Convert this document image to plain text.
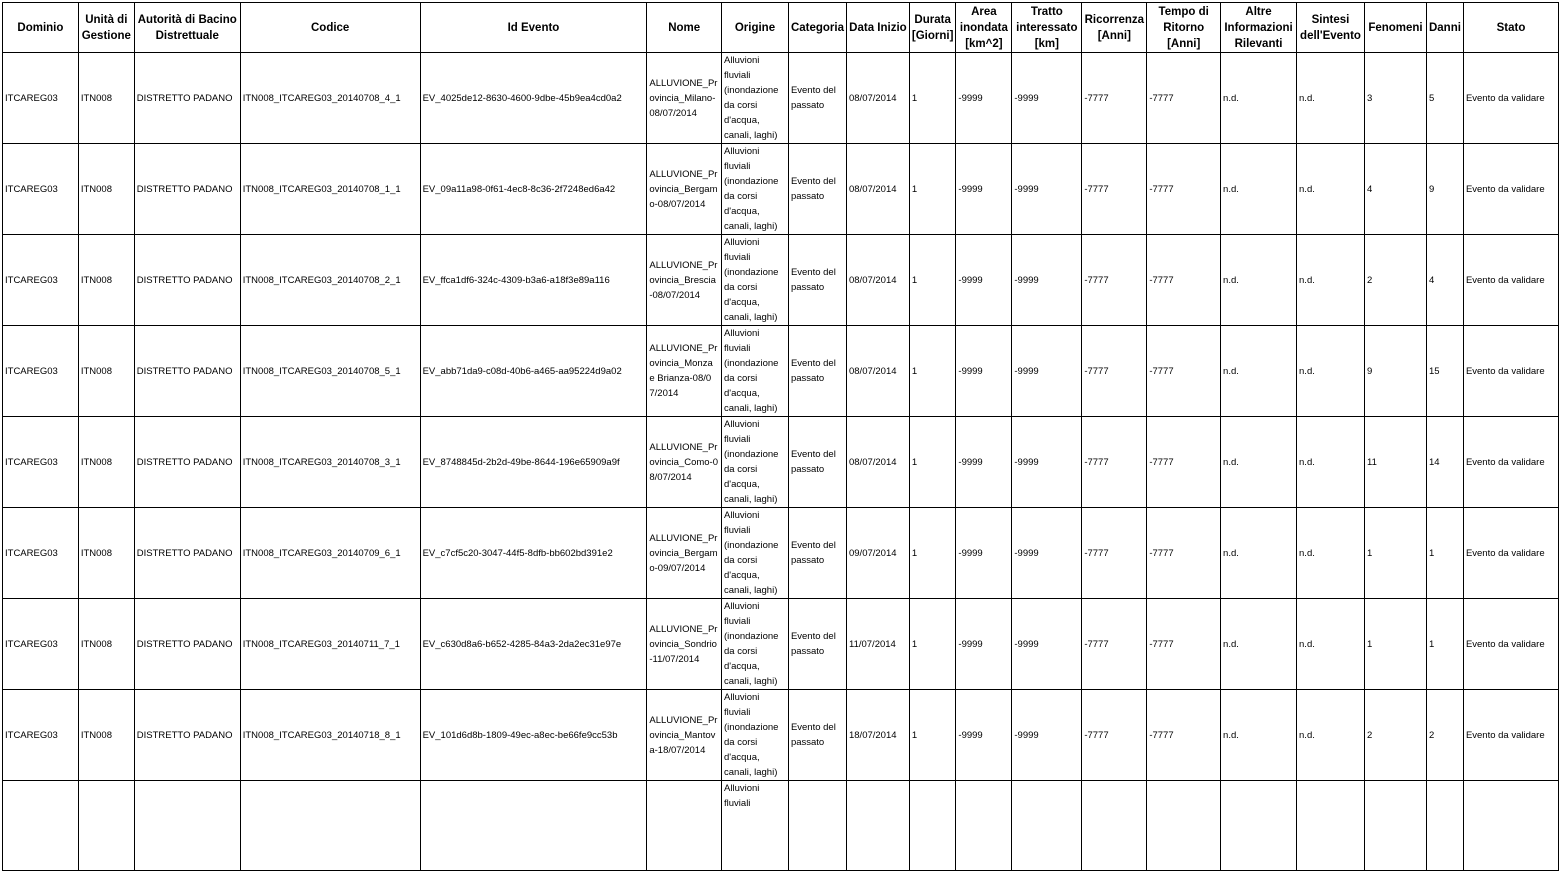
Dominio	Unità di Gestione	Autorità di Bacino Distrettuale	Codice	Id Evento	Nome	Origine	Categoria	Data Inizio	Durata [Giorni]	Area inondata [km^2]	Tratto interessato [km]	Ricorrenza [Anni]	Tempo di Ritorno [Anni]	Altre Informazioni Rilevanti	Sintesi dell'Evento	Fenomeni	Danni	Stato
ITCAREG03	ITN008	DISTRETTO PADANO	ITN008_ITCAREG03_20140708_4_1	EV_4025de12-8630-4600-9dbe-45b9ea4cd0a2	ALLUVIONE_Provincia_Milano-08/07/2014	Alluvioni fluviali (inondazione da corsi d'acqua, canali, laghi)	Evento del passato	08/07/2014	1	-9999	-9999	-7777	-7777	n.d.	n.d.	3	5	Evento da validare
ITCAREG03	ITN008	DISTRETTO PADANO	ITN008_ITCAREG03_20140708_1_1	EV_09a11a98-0f61-4ec8-8c36-2f7248ed6a42	ALLUVIONE_Provincia_Bergamo-08/07/2014	Alluvioni fluviali (inondazione da corsi d'acqua, canali, laghi)	Evento del passato	08/07/2014	1	-9999	-9999	-7777	-7777	n.d.	n.d.	4	9	Evento da validare
ITCAREG03	ITN008	DISTRETTO PADANO	ITN008_ITCAREG03_20140708_2_1	EV_ffca1df6-324c-4309-b3a6-a18f3e89a116	ALLUVIONE_Provincia_Brescia-08/07/2014	Alluvioni fluviali (inondazione da corsi d'acqua, canali, laghi)	Evento del passato	08/07/2014	1	-9999	-9999	-7777	-7777	n.d.	n.d.	2	4	Evento da validare
ITCAREG03	ITN008	DISTRETTO PADANO	ITN008_ITCAREG03_20140708_5_1	EV_abb71da9-c08d-40b6-a465-aa95224d9a02	ALLUVIONE_Provincia_Monza e Brianza-08/07/2014	Alluvioni fluviali (inondazione da corsi d'acqua, canali, laghi)	Evento del passato	08/07/2014	1	-9999	-9999	-7777	-7777	n.d.	n.d.	9	15	Evento da validare
ITCAREG03	ITN008	DISTRETTO PADANO	ITN008_ITCAREG03_20140708_3_1	EV_8748845d-2b2d-49be-8644-196e65909a9f	ALLUVIONE_Provincia_Como-08/07/2014	Alluvioni fluviali (inondazione da corsi d'acqua, canali, laghi)	Evento del passato	08/07/2014	1	-9999	-9999	-7777	-7777	n.d.	n.d.	11	14	Evento da validare
ITCAREG03	ITN008	DISTRETTO PADANO	ITN008_ITCAREG03_20140709_6_1	EV_c7cf5c20-3047-44f5-8dfb-bb602bd391e2	ALLUVIONE_Provincia_Bergamo-09/07/2014	Alluvioni fluviali (inondazione da corsi d'acqua, canali, laghi)	Evento del passato	09/07/2014	1	-9999	-9999	-7777	-7777	n.d.	n.d.	1	1	Evento da validare
ITCAREG03	ITN008	DISTRETTO PADANO	ITN008_ITCAREG03_20140711_7_1	EV_c630d8a6-b652-4285-84a3-2da2ec31e97e	ALLUVIONE_Provincia_Sondrio-11/07/2014	Alluvioni fluviali (inondazione da corsi d'acqua, canali, laghi)	Evento del passato	11/07/2014	1	-9999	-9999	-7777	-7777	n.d.	n.d.	1	1	Evento da validare
ITCAREG03	ITN008	DISTRETTO PADANO	ITN008_ITCAREG03_20140718_8_1	EV_101d6d8b-1809-49ec-a8ec-be66fe9cc53b	ALLUVIONE_Provincia_Mantova-18/07/2014	Alluvioni fluviali (inondazione da corsi d'acqua, canali, laghi)	Evento del passato	18/07/2014	1	-9999	-9999	-7777	-7777	n.d.	n.d.	2	2	Evento da validare
						Alluvioni fluviali												
